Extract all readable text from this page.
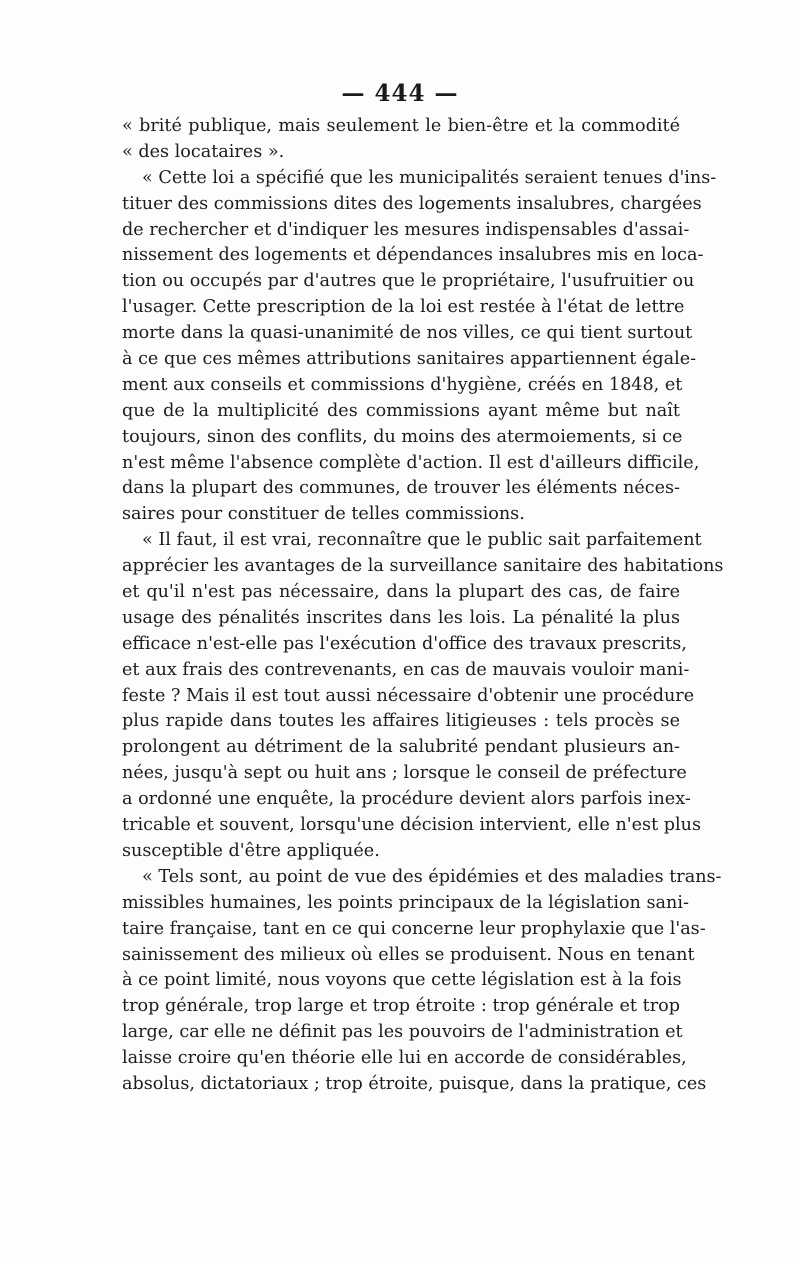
— 444 —
« brité publique, mais seulement le bien-être et la commodité
« des locataires ».
« Cette loi a spécifié que les municipalités seraient tenues d'ins-
tituer des commissions dites des logements insalubres, chargées
de rechercher et d'indiquer les mesures indispensables d'assai-
nissement des logements et dépendances insalubres mis en loca-
tion ou occupés par d'autres que le propriétaire, l'usufruitier ou
l'usager. Cette prescription de la loi est restée à l'état de lettre
morte dans la quasi-unanimité de nos villes, ce qui tient surtout
à ce que ces mêmes attributions sanitaires appartiennent égale-
ment aux conseils et commissions d'hygiène, créés en 1848, et
que de la multiplicité des commissions ayant même but naît
toujours, sinon des conflits, du moins des atermoiements, si ce
n'est même l'absence complète d'action. Il est d'ailleurs difficile,
dans la plupart des communes, de trouver les éléments néces-
saires pour constituer de telles commissions.
« Il faut, il est vrai, reconnaître que le public sait parfaitement
apprécier les avantages de la surveillance sanitaire des habitations
et qu'il n'est pas nécessaire, dans la plupart des cas, de faire
usage des pénalités inscrites dans les lois. La pénalité la plus
efficace n'est-elle pas l'exécution d'office des travaux prescrits,
et aux frais des contrevenants, en cas de mauvais vouloir mani-
feste ? Mais il est tout aussi nécessaire d'obtenir une procédure
plus rapide dans toutes les affaires litigieuses : tels procès se
prolongent au détriment de la salubrité pendant plusieurs an-
nées, jusqu'à sept ou huit ans ; lorsque le conseil de préfecture
a ordonné une enquête, la procédure devient alors parfois inex-
tricable et souvent, lorsqu'une décision intervient, elle n'est plus
susceptible d'être appliquée.
« Tels sont, au point de vue des épidémies et des maladies trans-
missibles humaines, les points principaux de la législation sani-
taire française, tant en ce qui concerne leur prophylaxie que l'as-
sainissement des milieux où elles se produisent. Nous en tenant
à ce point limité, nous voyons que cette législation est à la fois
trop générale, trop large et trop étroite : trop générale et trop
large, car elle ne définit pas les pouvoirs de l'administration et
laisse croire qu'en théorie elle lui en accorde de considérables,
absolus, dictatoriaux ; trop étroite, puisque, dans la pratique, ces
